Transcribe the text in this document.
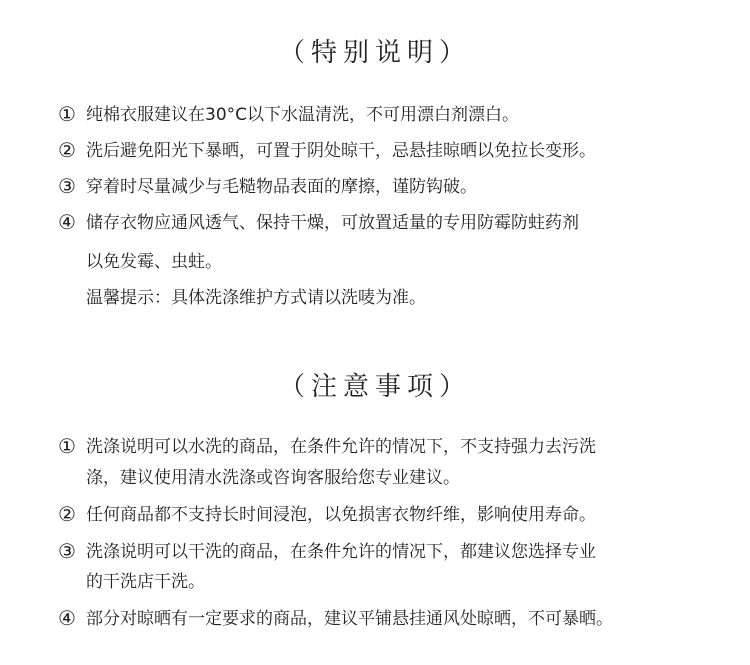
（特别说明）
① 纯棉衣服建议在30°C以下水温清洗，不可用漂白剂漂白。
② 洗后避免阳光下暴晒，可置于阴处晾干，忌悬挂晾晒以免拉长变形。
③ 穿着时尽量减少与毛糙物品表面的摩擦，谨防钩破。
④ 储存衣物应通风透气、保持干燥，可放置适量的专用防霉防蛀药剂
以免发霉、虫蛀。
温馨提示：具体洗涤维护方式请以洗唛为准。
（注意事项）
① 洗涤说明可以水洗的商品，在条件允许的情况下，不支持强力去污洗
涤，建议使用清水洗涤或咨询客服给您专业建议。
② 任何商品都不支持长时间浸泡，以免损害衣物纤维，影响使用寿命。
③ 洗涤说明可以干洗的商品，在条件允许的情况下，都建议您选择专业
的干洗店干洗。
④ 部分对晾晒有一定要求的商品，建议平铺悬挂通风处晾晒，不可暴晒。
